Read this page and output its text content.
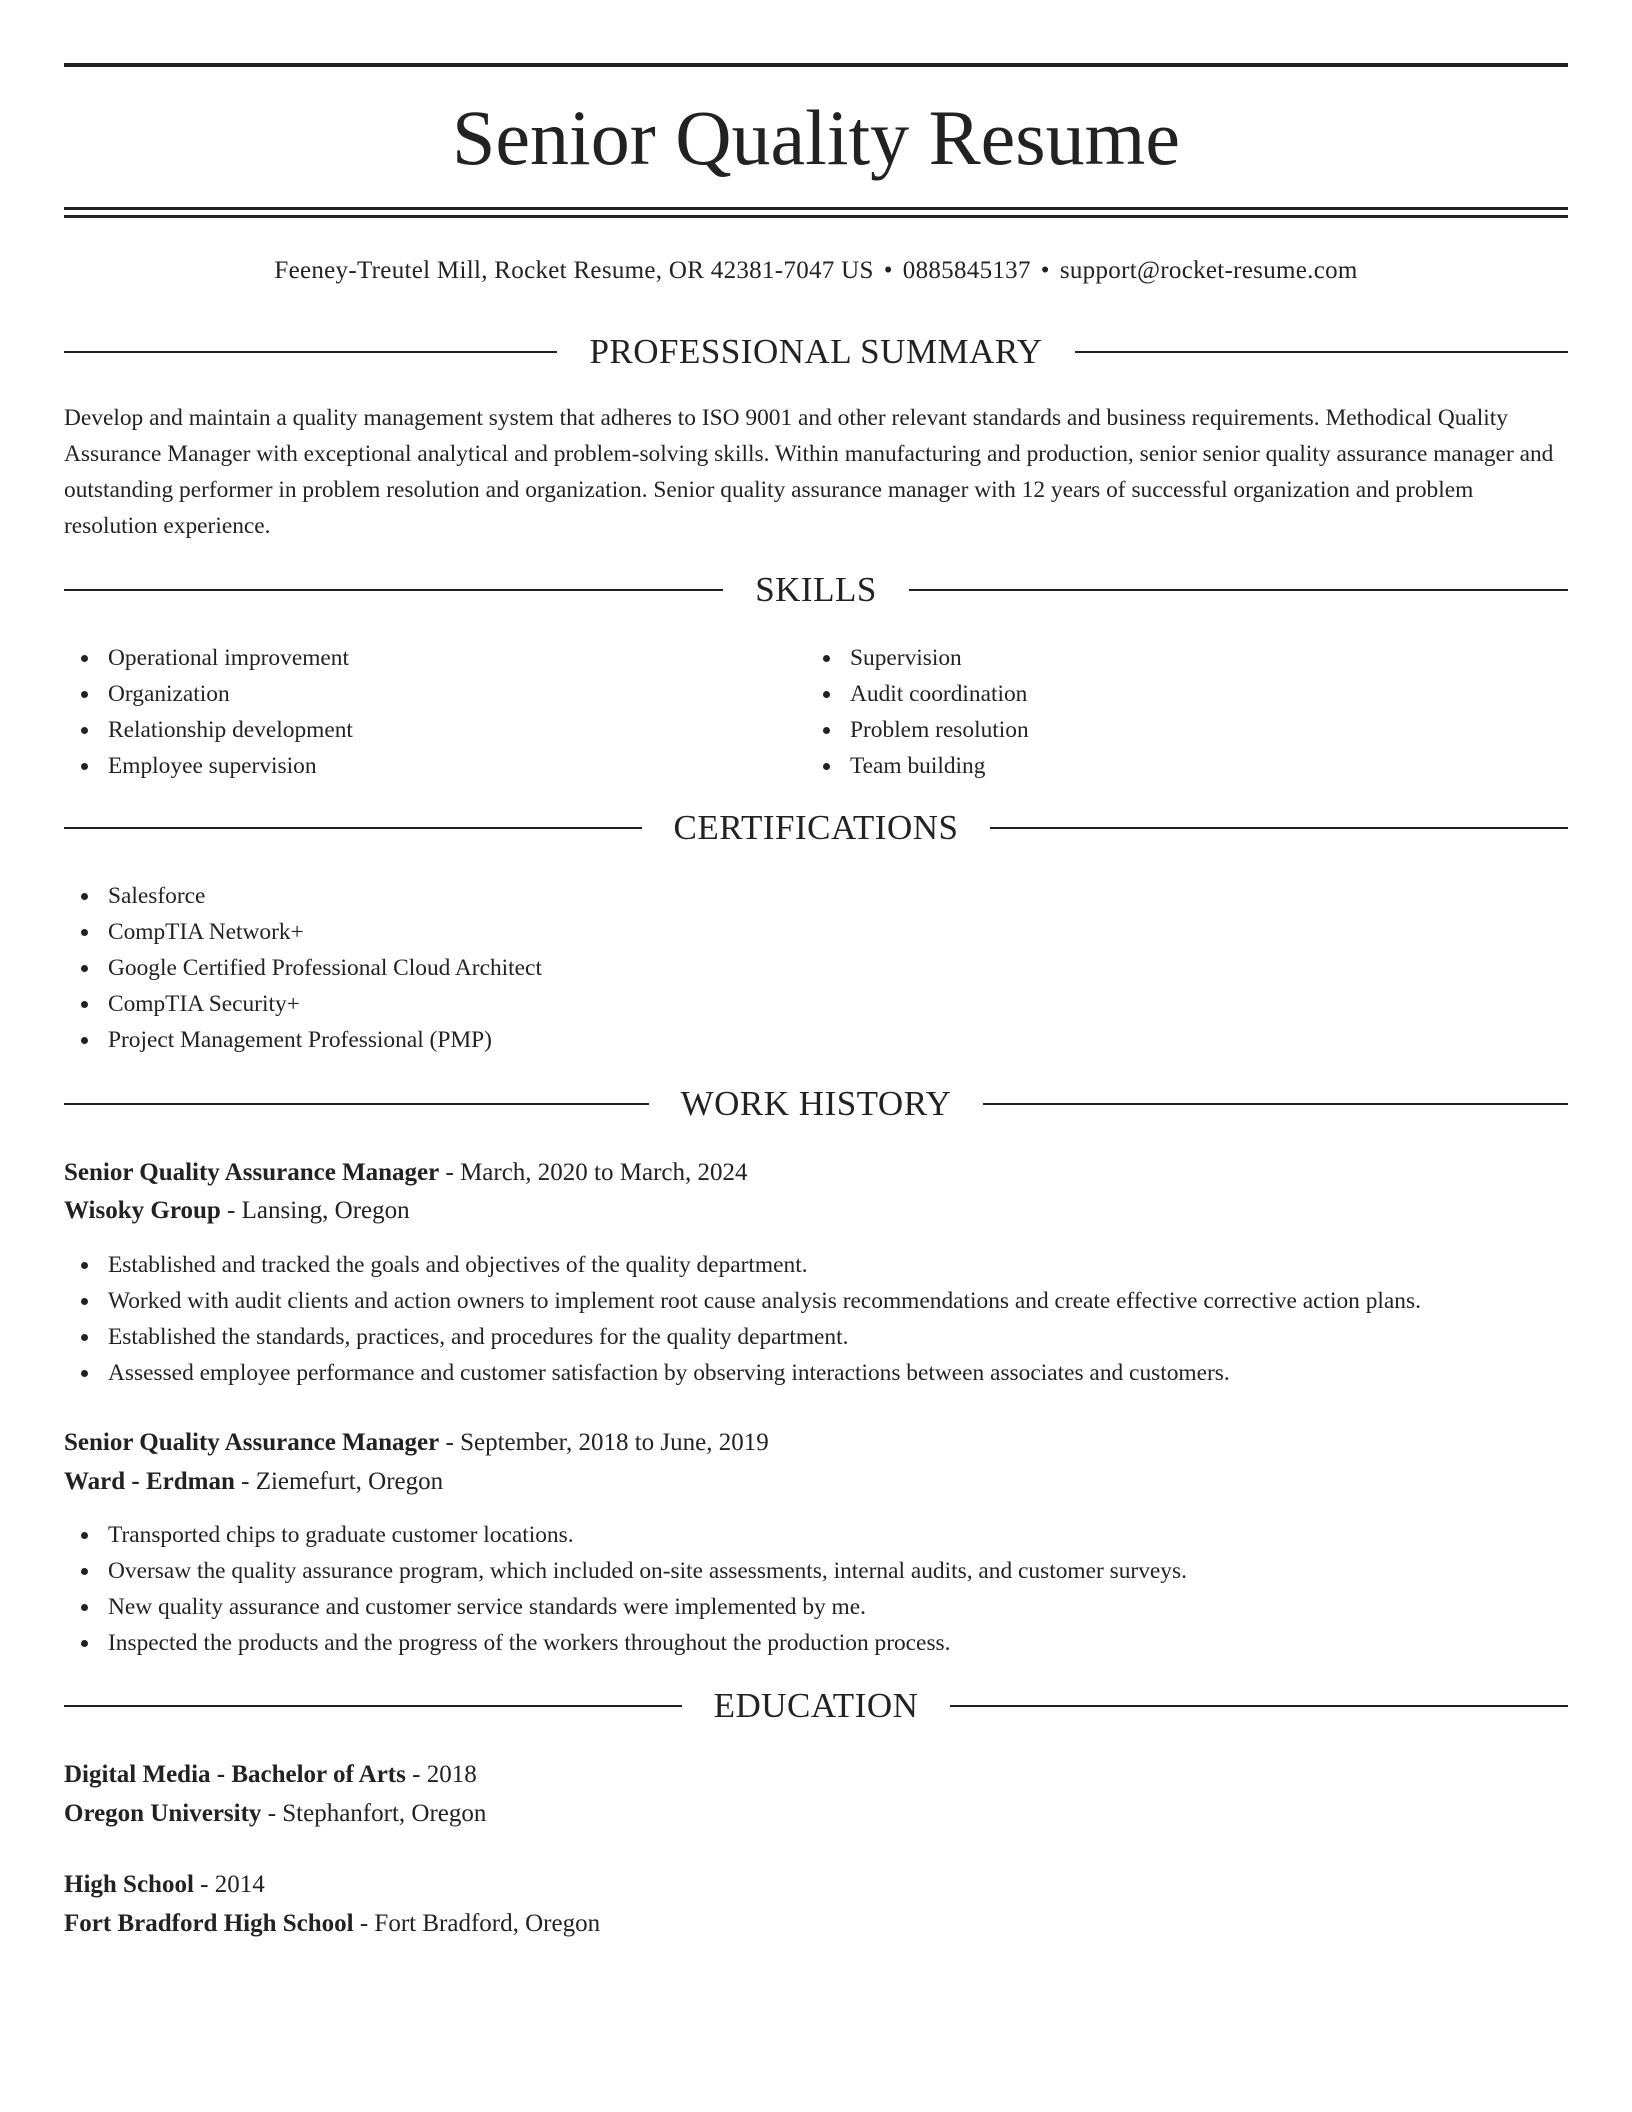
Senior Quality Resume
Feeney-Treutel Mill, Rocket Resume, OR 42381-7047 US • 0885845137 • support@rocket-resume.com
PROFESSIONAL SUMMARY

Develop and maintain a quality management system that adheres to ISO 9001 and other relevant standards and business requirements. Methodical Quality Assurance Manager with exceptional analytical and problem-solving skills. Within manufacturing and production, senior senior quality assurance manager and outstanding performer in problem resolution and organization. Senior quality assurance manager with 12 years of successful organization and problem resolution experience.

SKILLS
Operational improvement
Organization
Relationship development
Employee supervision
Supervision
Audit coordination
Problem resolution
Team building
CERTIFICATIONS
Salesforce
CompTIA Network+
Google Certified Professional Cloud Architect
CompTIA Security+
Project Management Professional (PMP)
WORK HISTORY
Senior Quality Assurance Manager - March, 2020 to March, 2024
Wisoky Group - Lansing, Oregon
Established and tracked the goals and objectives of the quality department.
Worked with audit clients and action owners to implement root cause analysis recommendations and create effective corrective action plans.
Established the standards, practices, and procedures for the quality department.
Assessed employee performance and customer satisfaction by observing interactions between associates and customers.
Senior Quality Assurance Manager - September, 2018 to June, 2019
Ward - Erdman - Ziemefurt, Oregon
Transported chips to graduate customer locations.
Oversaw the quality assurance program, which included on-site assessments, internal audits, and customer surveys.
New quality assurance and customer service standards were implemented by me.
Inspected the products and the progress of the workers throughout the production process.
EDUCATION
Digital Media - Bachelor of Arts - 2018
Oregon University - Stephanfort, Oregon
High School - 2014
Fort Bradford High School - Fort Bradford, Oregon
